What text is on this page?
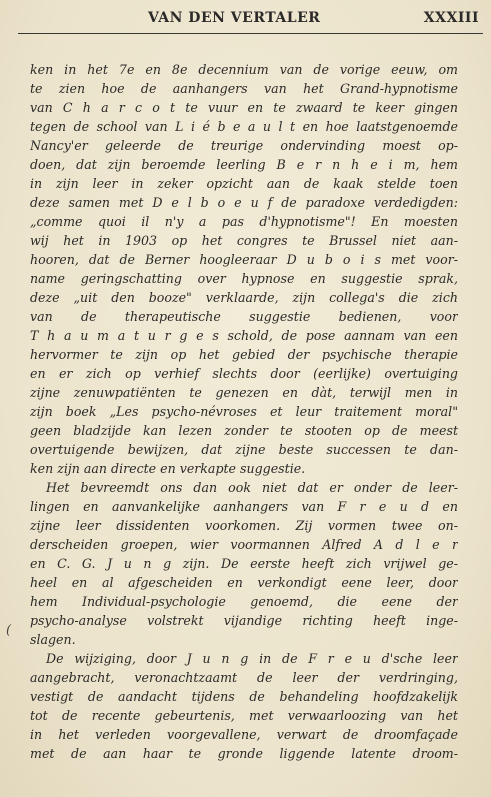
VAN DEN VERTALER	XXXIII
(
ken in het 7e en 8e decennium van de vorige eeuw, om
te zien hoe de aanhangers van het Grand-hypnotisme
van C h a r c o t te vuur en te zwaard te keer gingen
tegen de school van L i é b e a u l t en hoe laatstgenoemde
Nancy'er geleerde de treurige ondervinding moest op-
doen, dat zijn beroemde leerling B e r n h e i m, hem
in zijn leer in zeker opzicht aan de kaak stelde toen
deze samen met D e l b o e u f de paradoxe verdedigden:
„comme quoi il n'y a pas d'hypnotisme"! En moesten
wij het in 1903 op het congres te Brussel niet aan-
hooren, dat de Berner hoogleeraar D u b o i s met voor-
name geringschatting over hypnose en suggestie sprak,
deze „uit den booze" verklaarde, zijn collega's die zich
van de therapeutische suggestie bedienen, voor
T h a u m a t u r g e s schold, de pose aannam van een
hervormer te zijn op het gebied der psychische therapie
en er zich op verhief slechts door (eerlijke) overtuiging
zijne zenuwpatiënten te genezen en dàt, terwijl men in
zijn boek „Les psycho-névroses et leur traitement moral"
geen bladzijde kan lezen zonder te stooten op de meest
overtuigende bewijzen, dat zijne beste successen te dan-
ken zijn aan directe en verkapte suggestie.
Het bevreemdt ons dan ook niet dat er onder de leer-
lingen en aanvankelijke aanhangers van F r e u d en
zijne leer dissidenten voorkomen. Zij vormen twee on-
derscheiden groepen, wier voormannen Alfred A d l e r
en C. G. J u n g zijn. De eerste heeft zich vrijwel ge-
heel en al afgescheiden en verkondigt eene leer, door
hem Individual-psychologie genoemd, die eene der
psycho-analyse volstrekt vijandige richting heeft inge-
slagen.
De wijziging, door J u n g in de F r e u d'sche leer
aangebracht, veronachtzaamt de leer der verdringing,
vestigt de aandacht tijdens de behandeling hoofdzakelijk
tot de recente gebeurtenis, met verwaarloozing van het
in het verleden voorgevallene, verwart de droomfaçade
met de aan haar te gronde liggende latente droom-
